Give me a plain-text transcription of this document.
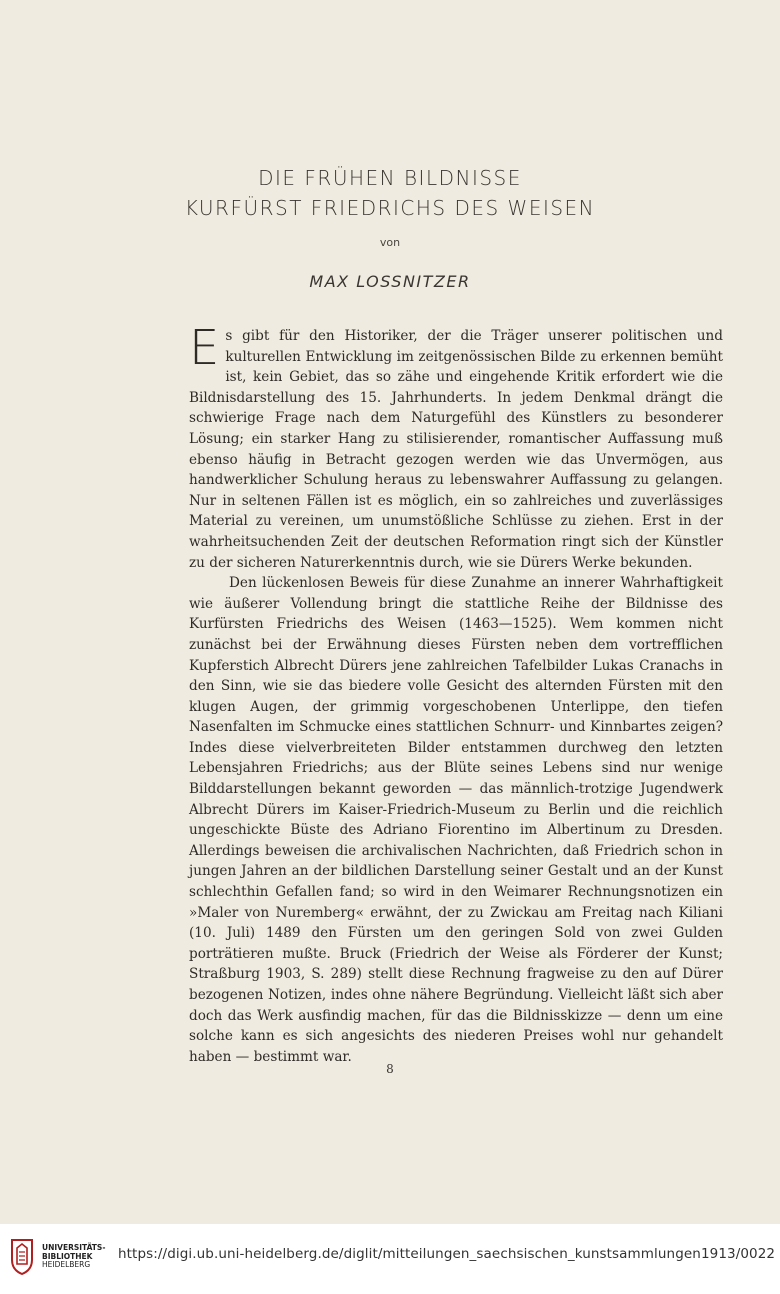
DIE FRÜHEN BILDNISSE
KURFÜRST FRIEDRICHS DES WEISEN
von
MAX LOSSNITZER

Es gibt für den Historiker, der die Träger unserer politischen und kulturellen Entwicklung im zeitgenössischen Bilde zu erkennen bemüht ist, kein Gebiet, das so zähe und eingehende Kritik erfordert wie die Bildnisdarstellung des 15. Jahrhunderts. In jedem Denkmal drängt die schwierige Frage nach dem Naturgefühl des Künstlers zu besonderer Lösung; ein starker Hang zu stilisierender, romantischer Auffassung muß ebenso häufig in Betracht gezogen werden wie das Unvermögen, aus handwerklicher Schulung heraus zu lebenswahrer Auffassung zu gelangen. Nur in seltenen Fällen ist es möglich, ein so zahlreiches und zuverlässiges Material zu vereinen, um unumstößliche Schlüsse zu ziehen. Erst in der wahrheitsuchenden Zeit der deutschen Reformation ringt sich der Künstler zu der sicheren Naturerkenntnis durch, wie sie Dürers Werke bekunden.

Den lückenlosen Beweis für diese Zunahme an innerer Wahrhaftigkeit wie äußerer Vollendung bringt die stattliche Reihe der Bildnisse des Kurfürsten Friedrichs des Weisen (1463—1525). Wem kommen nicht zunächst bei der Erwähnung dieses Fürsten neben dem vortrefflichen Kupferstich Albrecht Dürers jene zahlreichen Tafelbilder Lukas Cranachs in den Sinn, wie sie das biedere volle Gesicht des alternden Fürsten mit den klugen Augen, der grimmig vorgeschobenen Unterlippe, den tiefen Nasenfalten im Schmucke eines stattlichen Schnurr- und Kinnbartes zeigen? Indes diese vielverbreiteten Bilder entstammen durchweg den letzten Lebensjahren Friedrichs; aus der Blüte seines Lebens sind nur wenige Bilddarstellungen bekannt geworden — das männlich-trotzige Jugendwerk Albrecht Dürers im Kaiser-Friedrich-Museum zu Berlin und die reichlich ungeschickte Büste des Adriano Fiorentino im Albertinum zu Dresden. Allerdings beweisen die archivalischen Nachrichten, daß Friedrich schon in jungen Jahren an der bildlichen Darstellung seiner Gestalt und an der Kunst schlechthin Gefallen fand; so wird in den Weimarer Rechnungsnotizen ein »Maler von Nuremberg« erwähnt, der zu Zwickau am Freitag nach Kiliani (10. Juli) 1489 den Fürsten um den geringen Sold von zwei Gulden porträtieren mußte. Bruck (Friedrich der Weise als Förderer der Kunst; Straßburg 1903, S. 289) stellt diese Rechnung fragweise zu den auf Dürer bezogenen Notizen, indes ohne nähere Begründung. Vielleicht läßt sich aber doch das Werk ausfindig machen, für das die Bildnisskizze — denn um eine solche kann es sich angesichts des niederen Preises wohl nur gehandelt haben — bestimmt war.

8
UNIVERSITÄTS-
BIBLIOTHEK
HEIDELBERG
https://digi.ub.uni-heidelberg.de/diglit/mitteilungen_saechsischen_kunstsammlungen1913/0022
